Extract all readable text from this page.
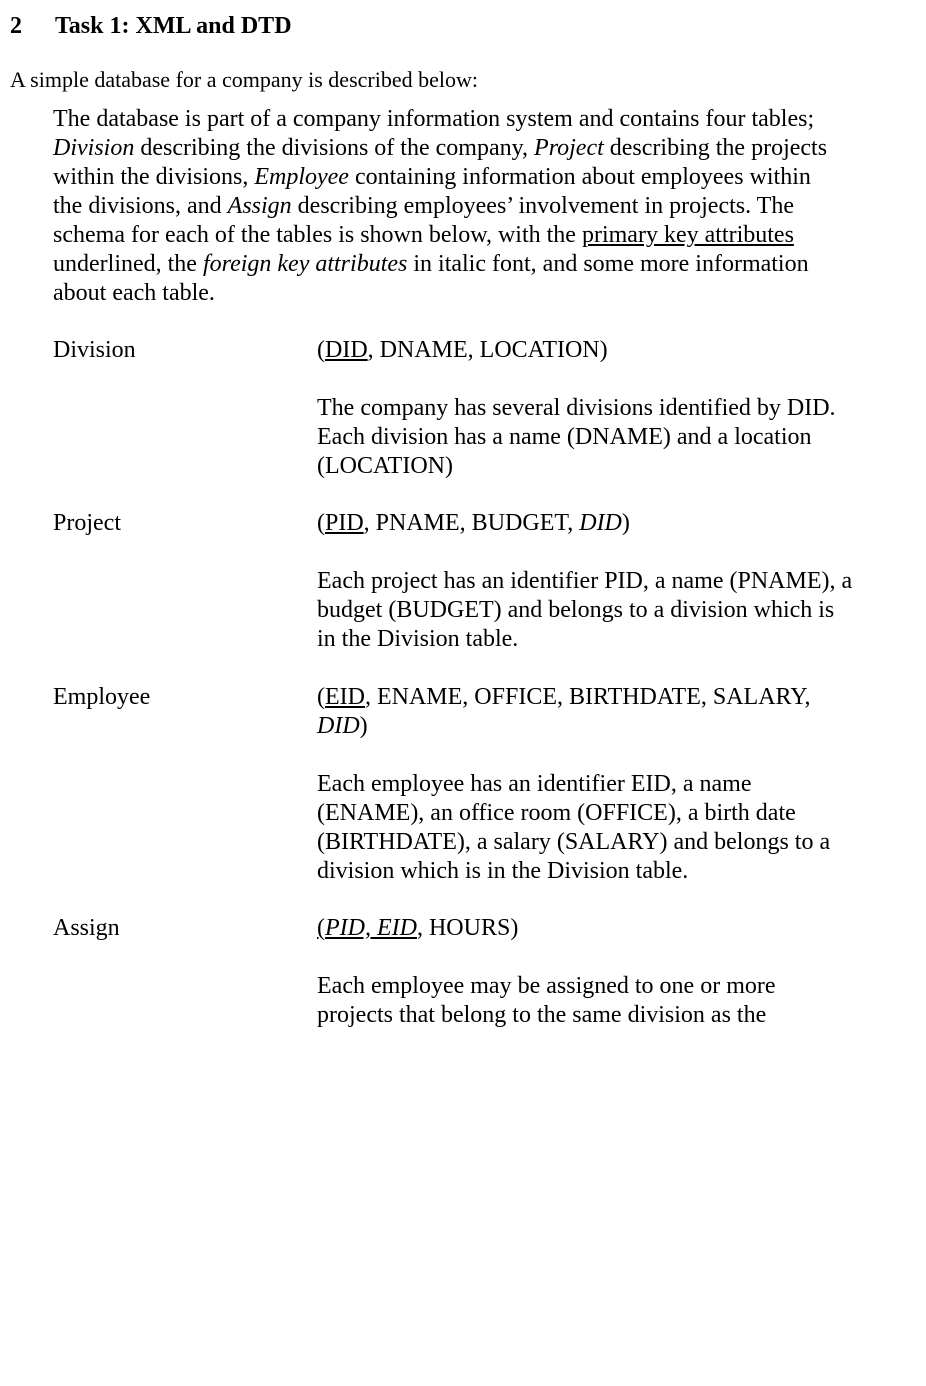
2 Task 1: XML and DTD
A simple database for a company is described below:
The database is part of a company information system and contains four tables;
Division describing the divisions of the company, Project describing the projects
within the divisions, Employee containing information about employees within
the divisions, and Assign describing employees’ involvement in projects. The
schema for each of the tables is shown below, with the primary key attributes
underlined, the foreign key attributes in italic font, and some more information
about each table.
Division	(DID, DNAME, LOCATION)
The company has several divisions identified by DID.
Each division has a name (DNAME) and a location
(LOCATION)
Project	(PID, PNAME, BUDGET, DID)
Each project has an identifier PID, a name (PNAME), a
budget (BUDGET) and belongs to a division which is
in the Division table.
Employee	(EID, ENAME, OFFICE, BIRTHDATE, SALARY,
DID)
Each employee has an identifier EID, a name
(ENAME), an office room (OFFICE), a birth date
(BIRTHDATE), a salary (SALARY) and belongs to a
division which is in the Division table.
Assign	(PID, EID, HOURS)
Each employee may be assigned to one or more
projects that belong to the same division as the
